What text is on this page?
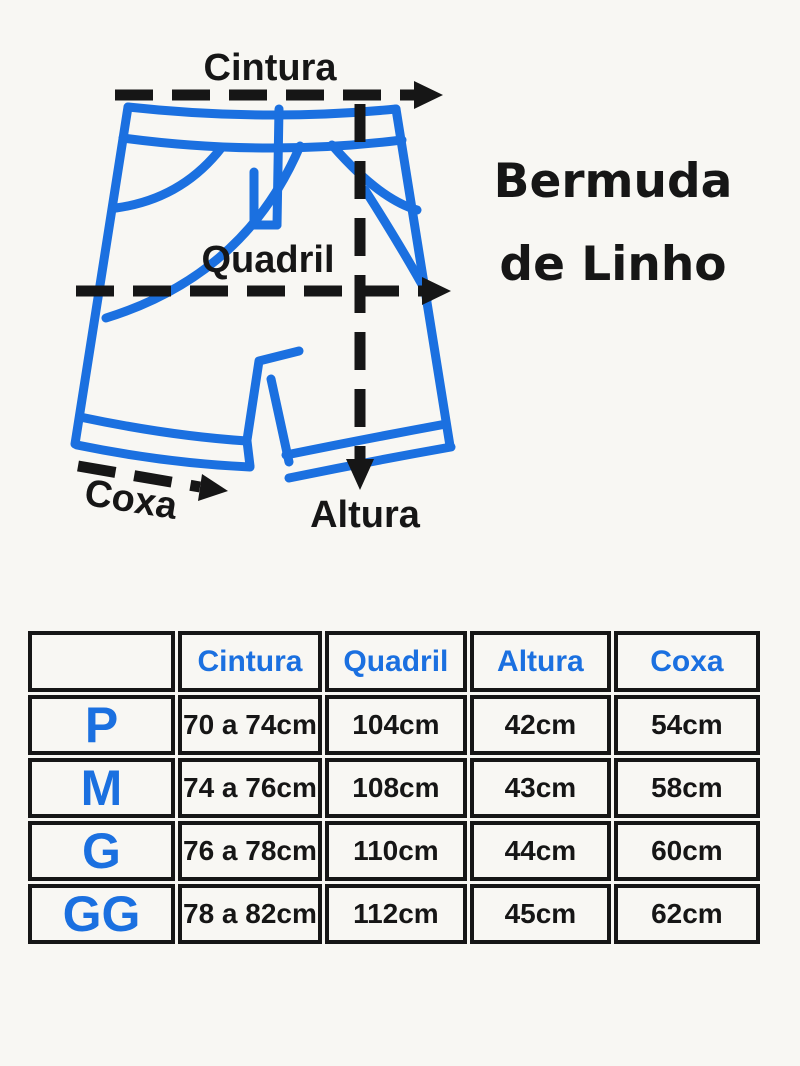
Cintura
Quadril
Altura
Coxa
Bermuda
de Linho
	Cintura	Quadril	Altura	Coxa
P	70 a 74cm	104cm	42cm	54cm
M	74 a 76cm	108cm	43cm	58cm
G	76 a 78cm	110cm	44cm	60cm
GG	78 a 82cm	112cm	45cm	62cm
